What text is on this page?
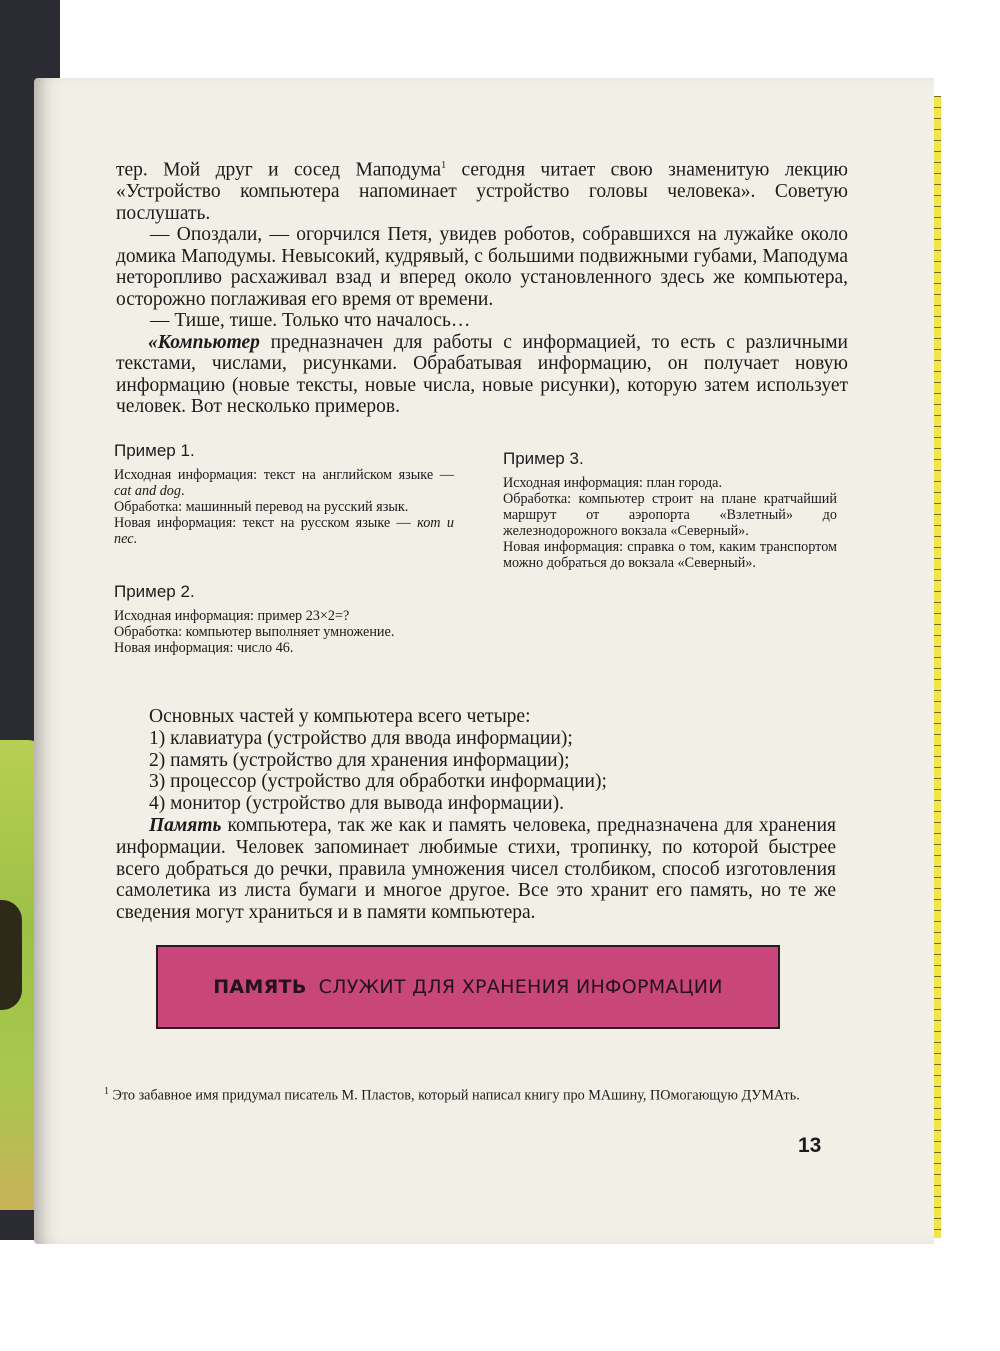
тер. Мой друг и сосед Маподума$^1$ сегодня читает свою знаменитую лекцию «Устройство компьютера напоминает устройство головы человека». Советую послушать.
— Опоздали, — огорчился Петя, увидев роботов, собравшихся на лужайке около домика Маподумы. Невысокий, кудрявый, с большими подвижными губами, Маподума неторопливо расхаживал взад и вперед около установленного здесь же компьютера, осторожно поглаживая его время от времени.
— Тише, тише. Только что началось…
«Компьютер предназначен для работы с информацией, то есть с различными текстами, числами, рисунками. Обрабатывая информацию, он получает новую информацию (новые тексты, новые числа, новые рисунки), которую затем использует человек. Вот несколько примеров.
Пример 1.

Исходная информация: текст на английском языке — cat and dog.

Обработка: машинный перевод на русский язык.

Новая информация: текст на русском языке — кот и пес.

Пример 2.

Исходная информация: пример 23×2=?

Обработка: компьютер выполняет умножение.

Новая информация: число 46.

Пример 3.

Исходная информация: план города.

Обработка: компьютер строит на плане кратчайший маршрут от аэропорта «Взлетный» до железнодорожного вокзала «Северный».

Новая информация: справка о том, каким транспортом можно добраться до вокзала «Северный».

Основных частей у компьютера всего четыре:
1) клавиатура (устройство для ввода информации);
2) память (устройство для хранения информации);
3) процессор (устройство для обработки информации);
4) монитор (устройство для вывода информации).
Память компьютера, так же как и память человека, предназначена для хранения информации. Человек запоминает любимые стихи, тропинку, по которой быстрее всего добраться до речки, правила умножения чисел столбиком, способ изготовления самолетика из листа бумаги и многое другое. Все это хранит его память, но те же сведения могут храниться и в памяти компьютера.
ПАМЯТЬ СЛУЖИТ ДЛЯ ХРАНЕНИЯ ИНФОРМАЦИИ
$^1$ Это забавное имя придумал писатель М. Пластов, который написал книгу про МАшину, ПОмогающую ДУМАть.
13
